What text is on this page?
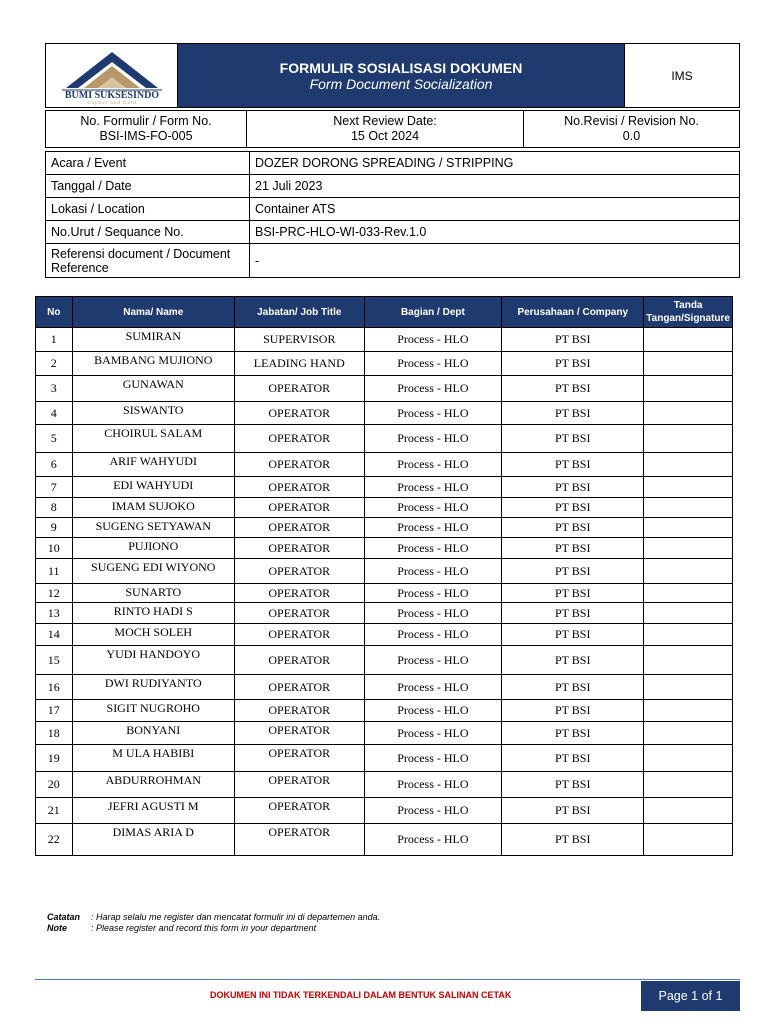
BUMI SUKSESINDO
Copper and Gold
FORMULIR SOSIALISASI DOKUMEN
Form Document Socialization	IMS
No. Formulir / Form No.
BSI-IMS-FO-005
Next Review Date:
15 Oct 2024
No.Revisi / Revision No.
0.0
Acara / Event	DOZER DORONG SPREADING / STRIPPING
Tanggal / Date	21 Juli 2023
Lokasi / Location	Container ATS
No.Urut / Sequance No.	BSI-PRC-HLO-WI-033-Rev.1.0
Referensi document / Document Reference	-
No	Nama/ Name	Jabatan/ Job Title	Bagian / Dept	Perusahaan / Company	Tanda Tangan/Signature
1	SUMIRAN	SUPERVISOR	Process - HLO	PT BSI	
2	BAMBANG MUJIONO	LEADING HAND	Process - HLO	PT BSI	
3	GUNAWAN	OPERATOR	Process - HLO	PT BSI	
4	SISWANTO	OPERATOR	Process - HLO	PT BSI	
5	CHOIRUL SALAM	OPERATOR	Process - HLO	PT BSI	
6	ARIF WAHYUDI	OPERATOR	Process - HLO	PT BSI	
7	EDI WAHYUDI	OPERATOR	Process - HLO	PT BSI	
8	IMAM SUJOKO	OPERATOR	Process - HLO	PT BSI	
9	SUGENG SETYAWAN	OPERATOR	Process - HLO	PT BSI	
10	PUJIONO	OPERATOR	Process - HLO	PT BSI	
11	SUGENG EDI WIYONO	OPERATOR	Process - HLO	PT BSI	
12	SUNARTO	OPERATOR	Process - HLO	PT BSI	
13	RINTO HADI S	OPERATOR	Process - HLO	PT BSI	
14	MOCH SOLEH	OPERATOR	Process - HLO	PT BSI	
15	YUDI HANDOYO	OPERATOR	Process - HLO	PT BSI	
16	DWI RUDIYANTO	OPERATOR	Process - HLO	PT BSI	
17	SIGIT NUGROHO	OPERATOR	Process - HLO	PT BSI	
18	BONYANI	OPERATOR	Process - HLO	PT BSI	
19	M ULA HABIBI	OPERATOR	Process - HLO	PT BSI	
20	ABDURROHMAN	OPERATOR	Process - HLO	PT BSI	
21	JEFRI AGUSTI M	OPERATOR	Process - HLO	PT BSI	
22	DIMAS ARIA D	OPERATOR	Process - HLO	PT BSI	
Catatan : Harap selalu me register dan mencatat formulir ini di departemen anda.
Note	: Please register and record this form in your department
DOKUMEN INI TIDAK TERKENDALI DALAM BENTUK SALINAN CETAK	Page 1 of 1
